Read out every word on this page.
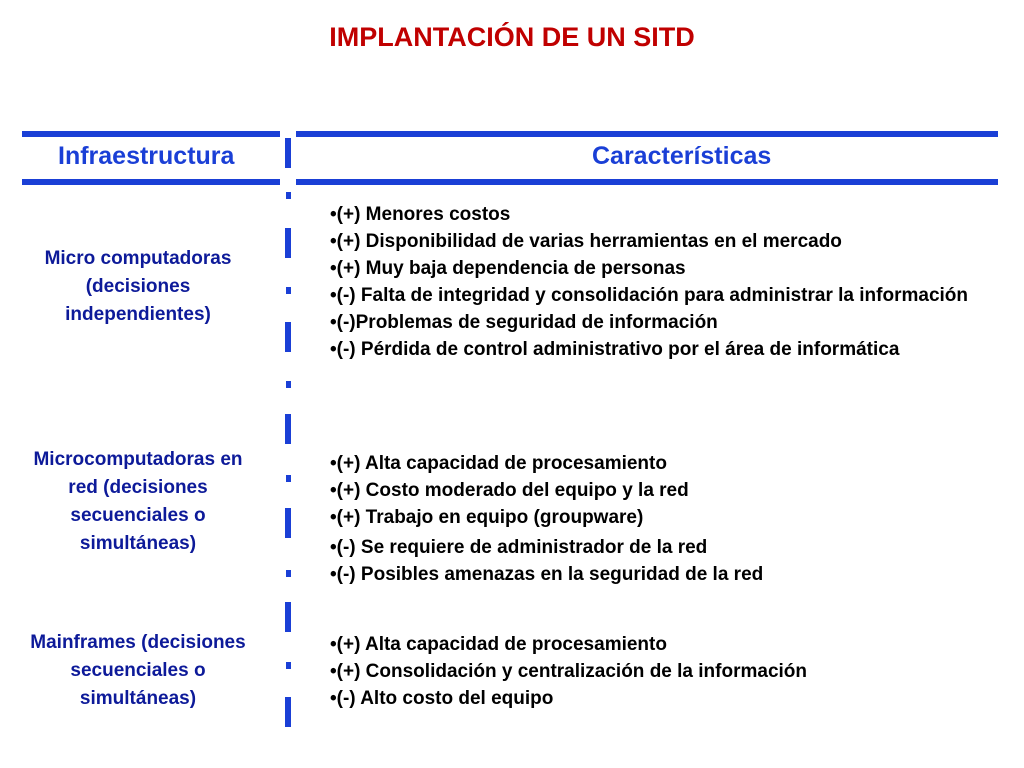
IMPLANTACIÓN DE UN SITD
Infraestructura	Características
Micro computadoras (decisiones independientes)
• (+) Menores costos
• (+) Disponibilidad de varias herramientas en el mercado
• (+) Muy baja dependencia de personas
• (-) Falta de integridad y consolidación para administrar la información
• (-)Problemas de seguridad de información
• (-) Pérdida de control administrativo por el área de informática
Microcomputadoras en red (decisiones secuenciales o simultáneas)
• (+) Alta capacidad de procesamiento
• (+) Costo moderado del equipo y la red
• (+) Trabajo en equipo (groupware)
• (-) Se requiere de administrador de la red
• (-) Posibles amenazas en la seguridad de la red
Mainframes (decisiones secuenciales o simultáneas)
• (+) Alta capacidad de procesamiento
• (+) Consolidación y centralización de la información
• (-) Alto costo del equipo
